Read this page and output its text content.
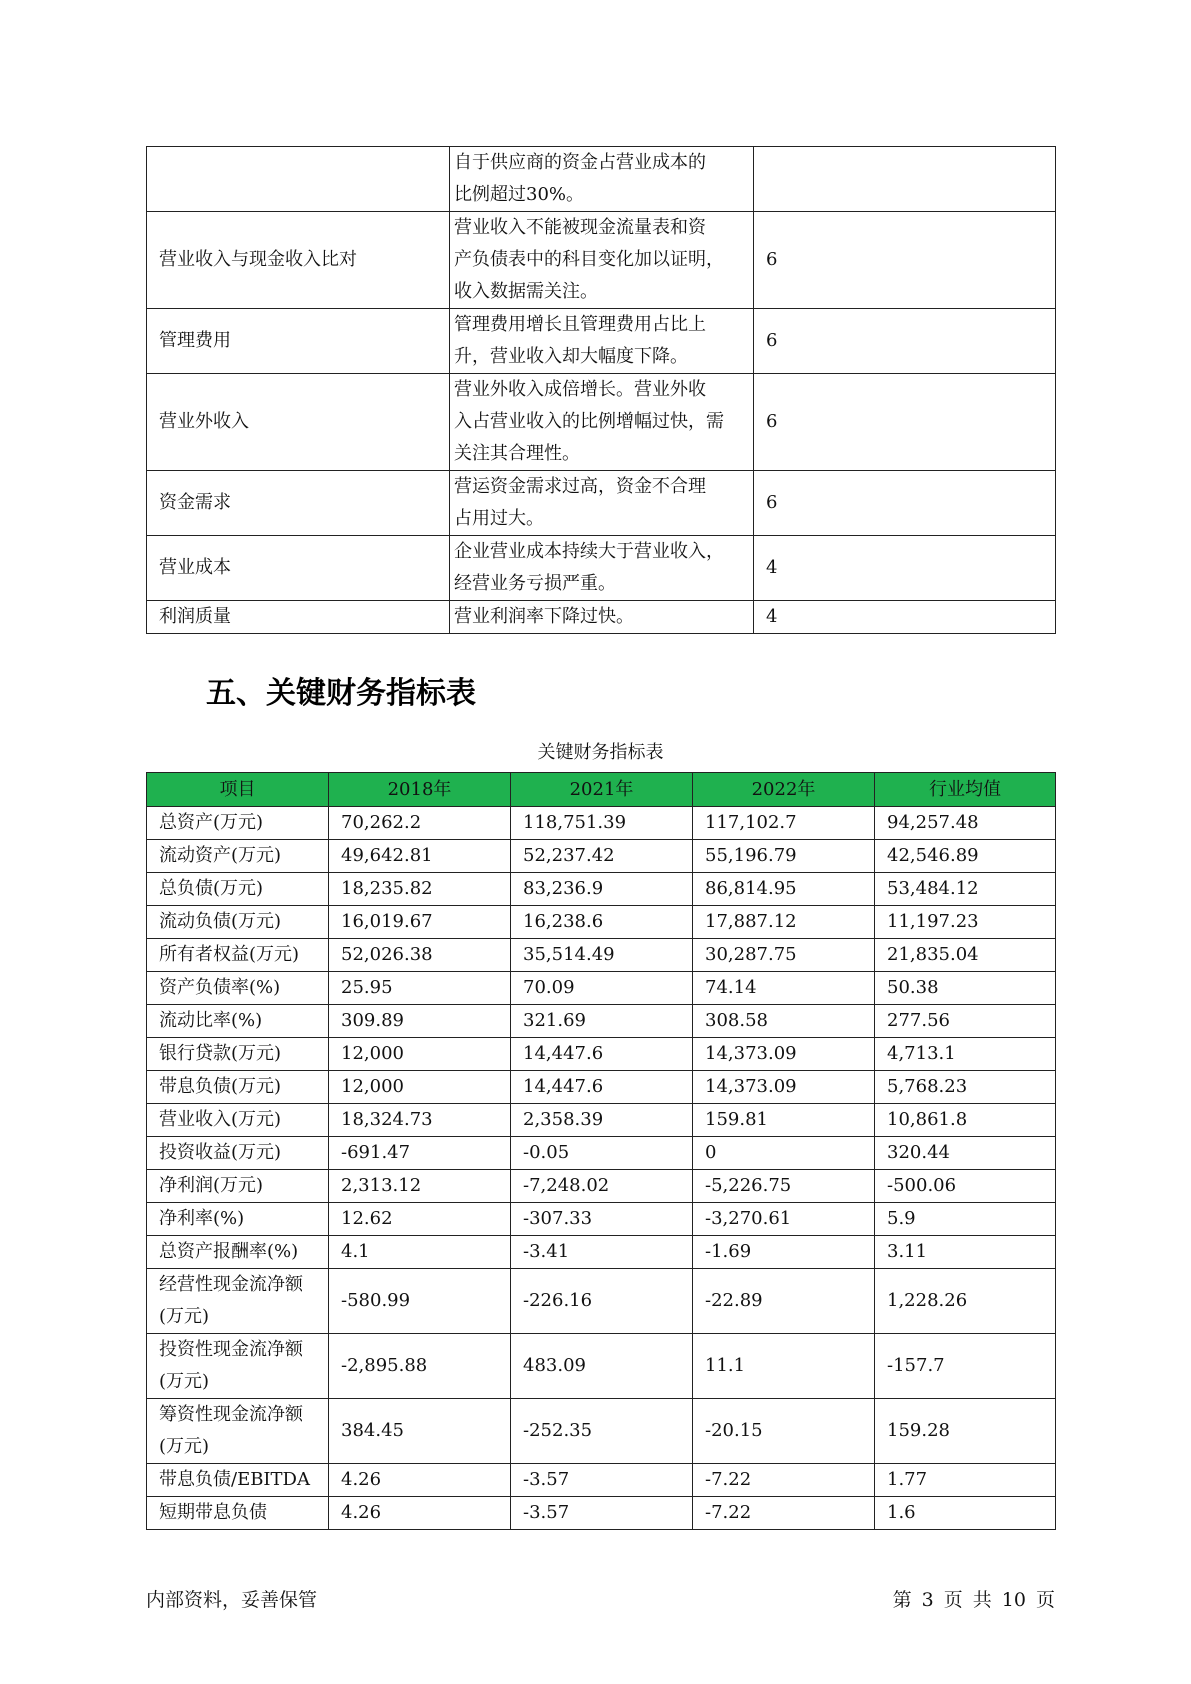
	自于供应商的资金占营业成本的
比例超过30%。	

营业收入与现金收入比对	营业收入不能被现金流量表和资
产负债表中的科目变化加以证明，
收入数据需关注。	6
管理费用	管理费用增长且管理费用占比上
升，营业收入却大幅度下降。	6
营业外收入	营业外收入成倍增长。营业外收
入占营业收入的比例增幅过快，需
关注其合理性。	6
资金需求	营运资金需求过高，资金不合理
占用过大。	6
营业成本	企业营业成本持续大于营业收入，
经营业务亏损严重。	4
利润质量	营业利润率下降过快。	4
五、关键财务指标表
关键财务指标表
项目	2018年	2021年	2022年	行业均值

总资产(万元)	70,262.2	118,751.39	117,102.7	94,257.48

流动资产(万元)	49,642.81	52,237.42	55,196.79	42,546.89

总负债(万元)	18,235.82	83,236.9	86,814.95	53,484.12

流动负债(万元)	16,019.67	16,238.6	17,887.12	11,197.23

所有者权益(万元)	52,026.38	35,514.49	30,287.75	21,835.04

资产负债率(%)	25.95	70.09	74.14	50.38

流动比率(%)	309.89	321.69	308.58	277.56

银行贷款(万元)	12,000	14,447.6	14,373.09	4,713.1

带息负债(万元)	12,000	14,447.6	14,373.09	5,768.23

营业收入(万元)	18,324.73	2,358.39	159.81	10,861.8

投资收益(万元)	-691.47	-0.05	0	320.44

净利润(万元)	2,313.12	-7,248.02	-5,226.75	-500.06

净利率(%)	12.62	-307.33	-3,270.61	5.9

总资产报酬率(%)	4.1	-3.41	-1.69	3.11

经营性现金流净额
(万元)	-580.99	-226.16	-22.89	1,228.26

投资性现金流净额
(万元)	-2,895.88	483.09	11.1	-157.7

筹资性现金流净额
(万元)	384.45	-252.35	-20.15	159.28

带息负债/EBITDA	4.26	-3.57	-7.22	1.77

短期带息负债	4.26	-3.57	-7.22	1.6
内部资料，妥善保管	第 3 页 共 10 页
